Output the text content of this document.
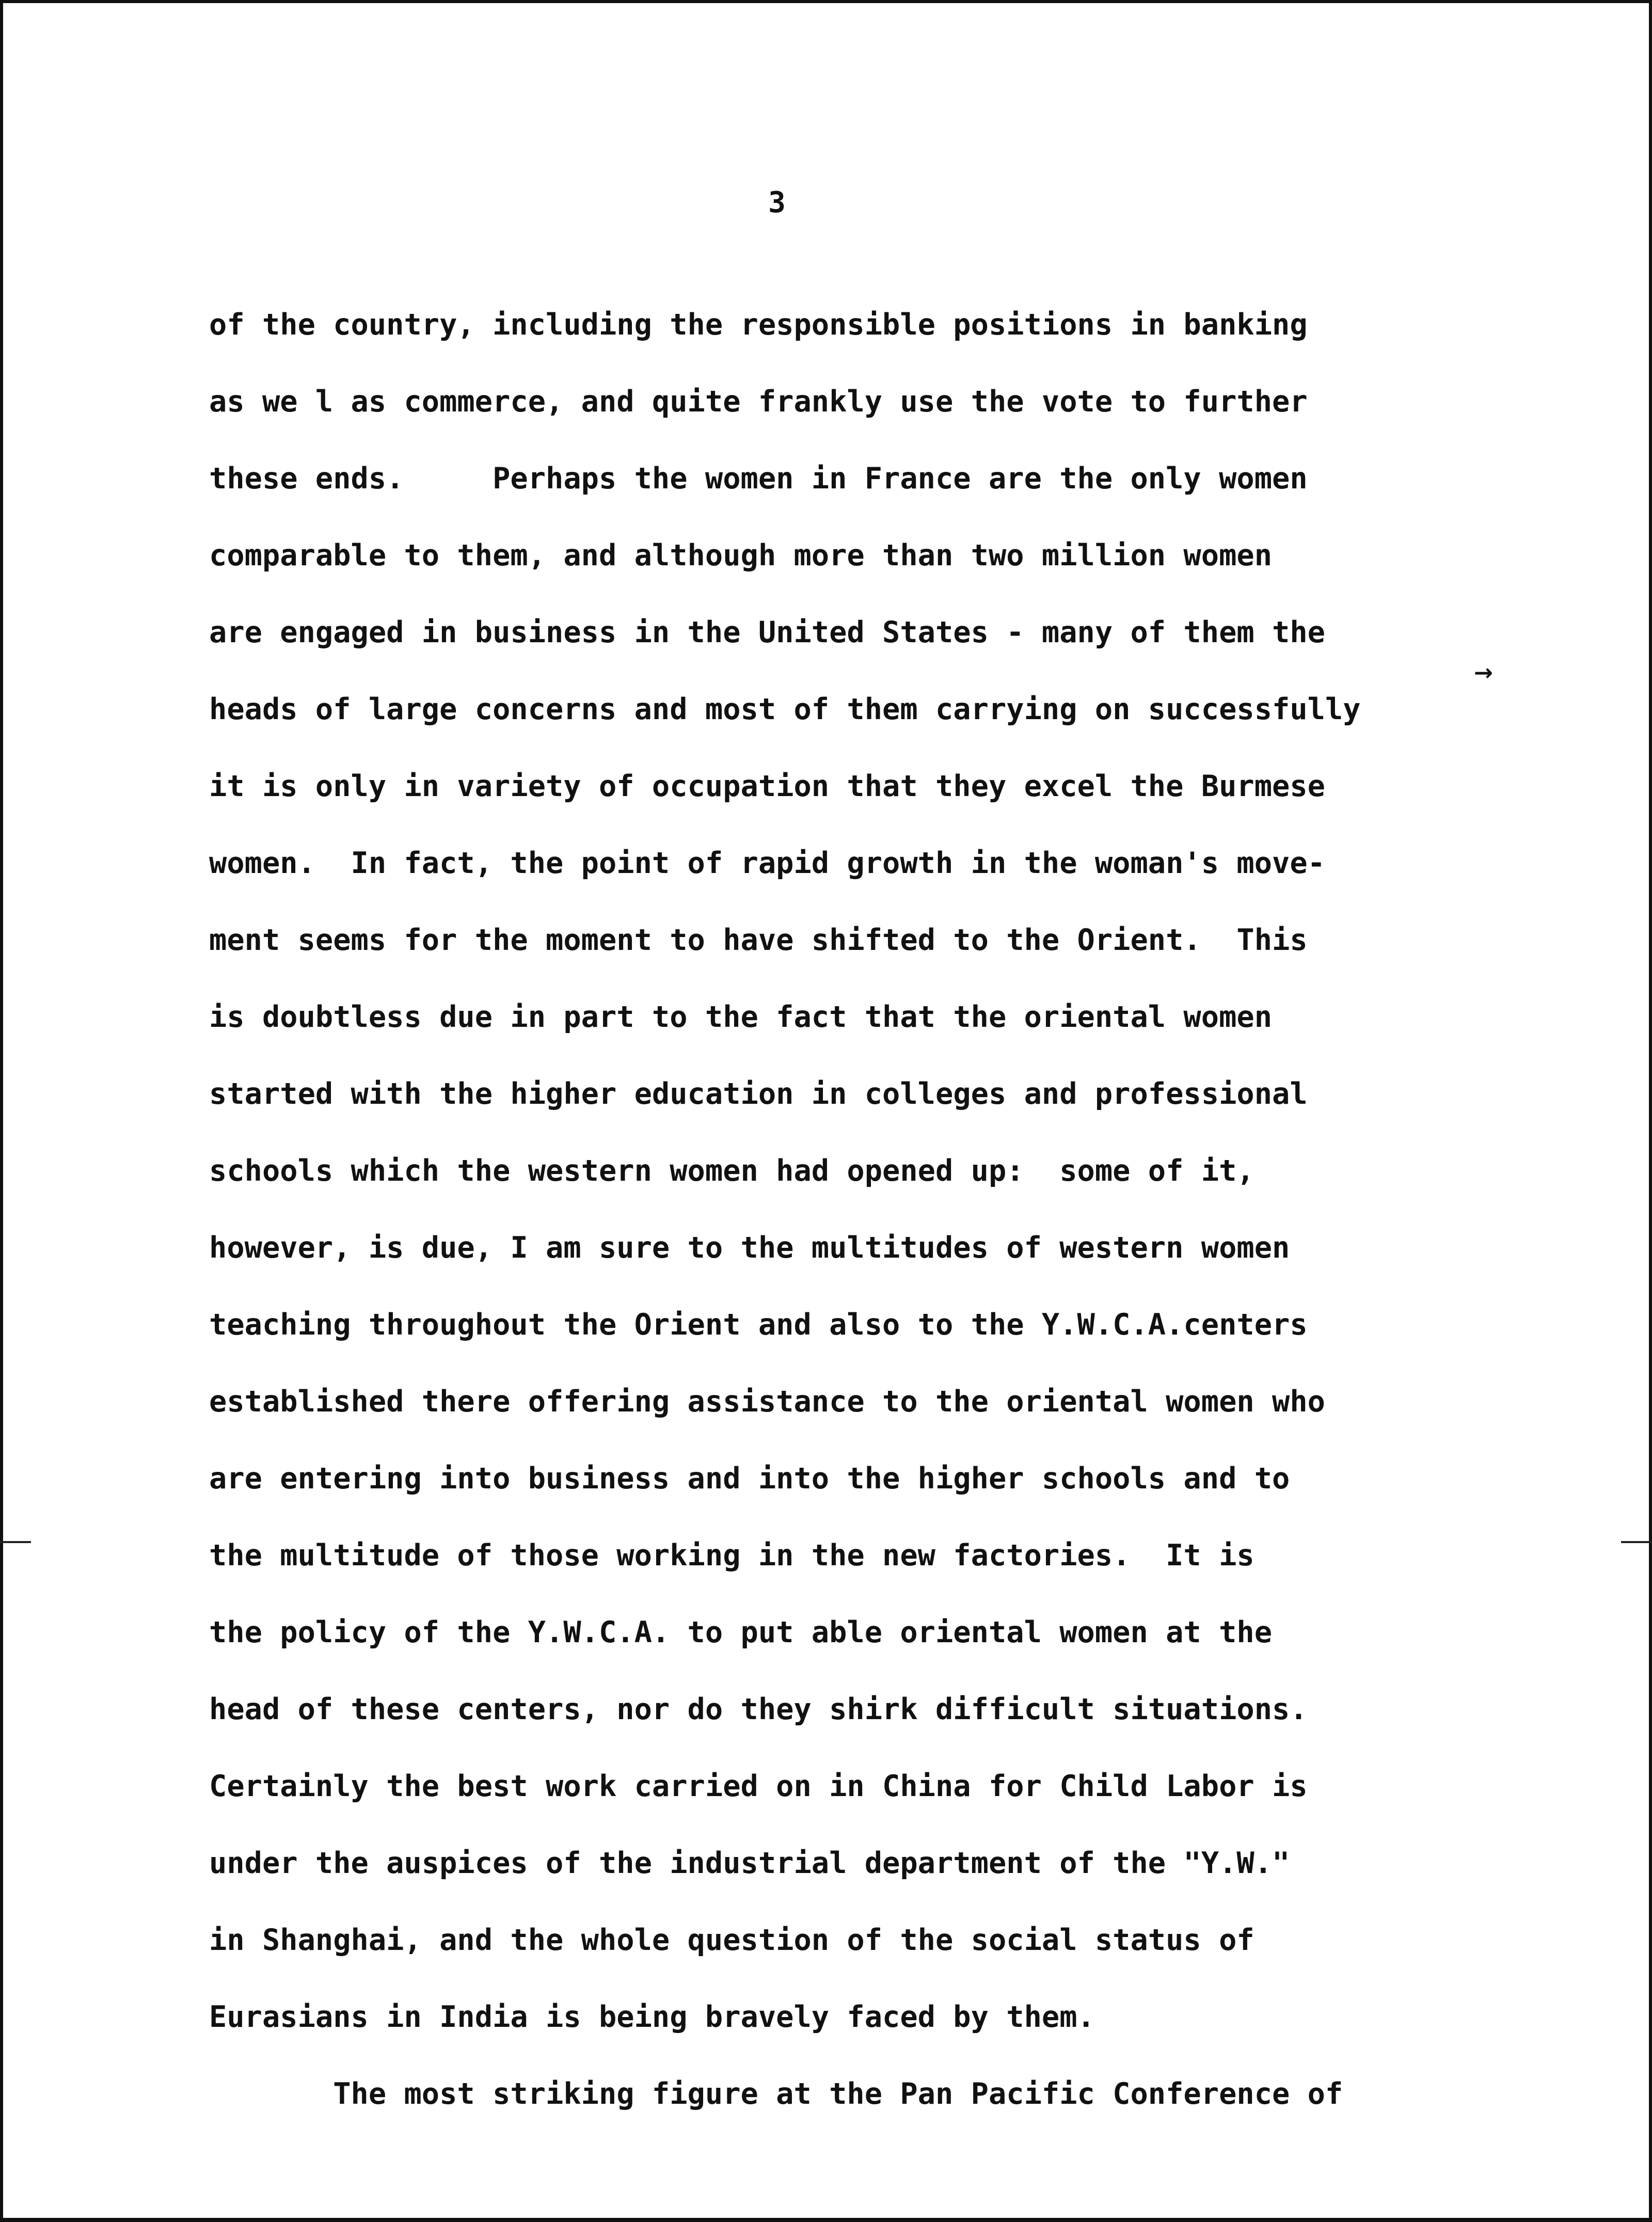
3
of the country, including the responsible positions in banking
as we l as commerce, and quite frankly use the vote to further
these ends.     Perhaps the women in France are the only women
comparable to them, and although more than two million women
are engaged in business in the United States - many of them the
heads of large concerns and most of them carrying on successfully
it is only in variety of occupation that they excel the Burmese
women.  In fact, the point of rapid growth in the woman's move-
ment seems for the moment to have shifted to the Orient.  This
is doubtless due in part to the fact that the oriental women
started with the higher education in colleges and professional
schools which the western women had opened up:  some of it,
however, is due, I am sure to the multitudes of western women
teaching throughout the Orient and also to the Y.W.C.A.centers
established there offering assistance to the oriental women who
are entering into business and into the higher schools and to
the multitude of those working in the new factories.  It is
the policy of the Y.W.C.A. to put able oriental women at the
head of these centers, nor do they shirk difficult situations.
Certainly the best work carried on in China for Child Labor is
under the auspices of the industrial department of the "Y.W."
in Shanghai, and the whole question of the social status of
Eurasians in India is being bravely faced by them.
The most striking figure at the Pan Pacific Conference of
→
